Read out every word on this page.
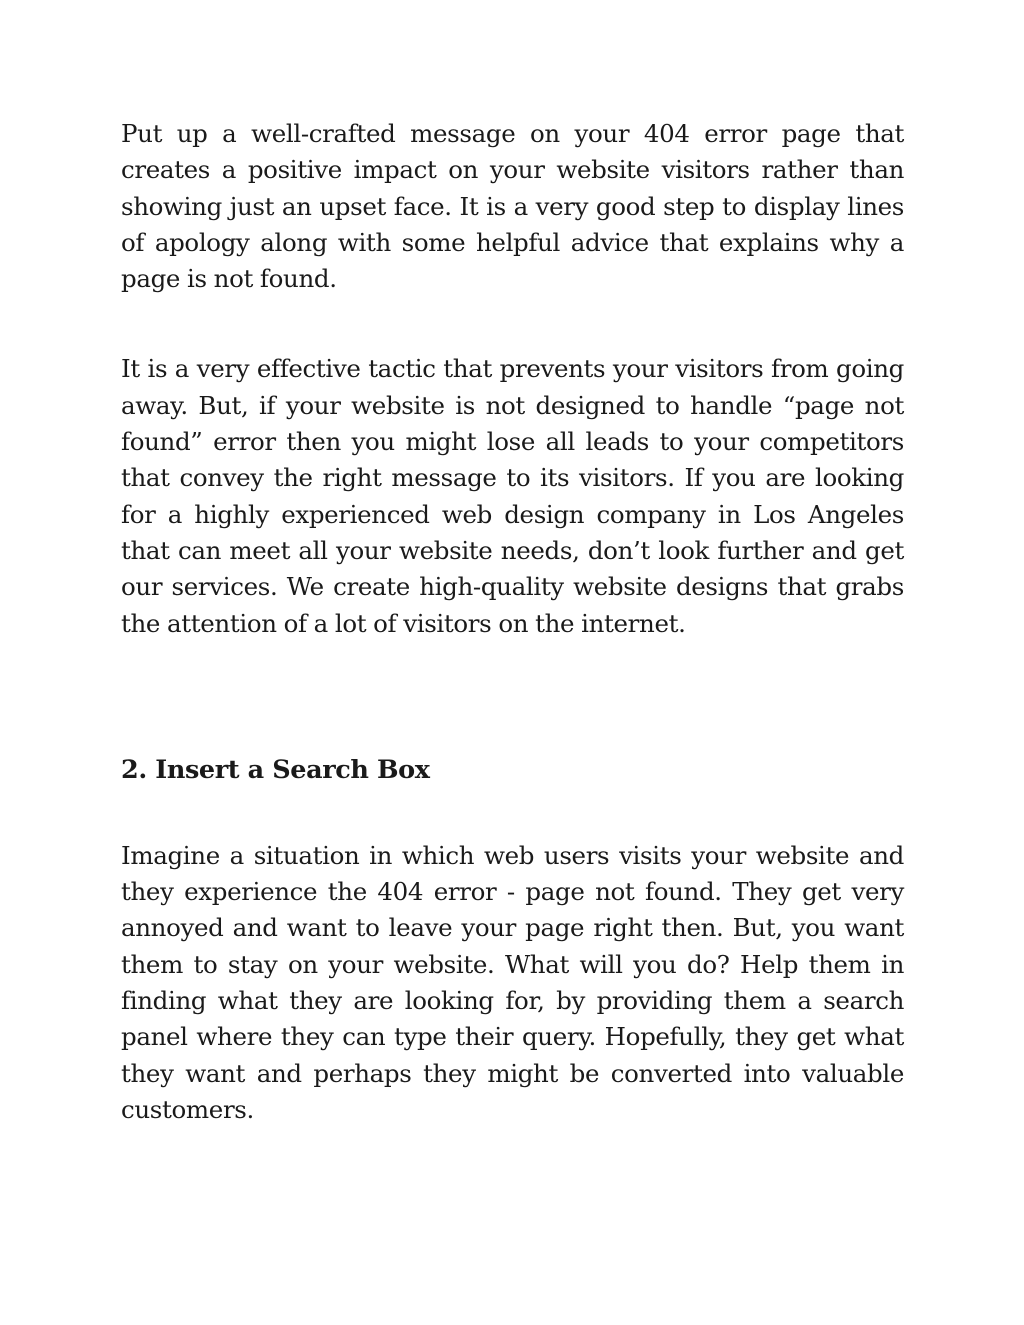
Put up a well-crafted message on your 404 error page that creates a positive impact on your website visitors rather than showing just an upset face. It is a very good step to display lines of apology along with some helpful advice that explains why a page is not found.

It is a very effective tactic that prevents your visitors from going away. But, if your website is not designed to handle “page not found” error then you might lose all leads to your competitors that convey the right message to its visitors. If you are looking for a highly experienced web design company in Los Angeles that can meet all your website needs, don’t look further and get our services. We create high-quality website designs that grabs the attention of a lot of visitors on the internet.

2. Insert a Search Box

Imagine a situation in which web users visits your website and they experience the 404 error - page not found. They get very annoyed and want to leave your page right then. But, you want them to stay on your website. What will you do? Help them in finding what they are looking for, by providing them a search panel where they can type their query. Hopefully, they get what they want and perhaps they might be converted into valuable customers.
